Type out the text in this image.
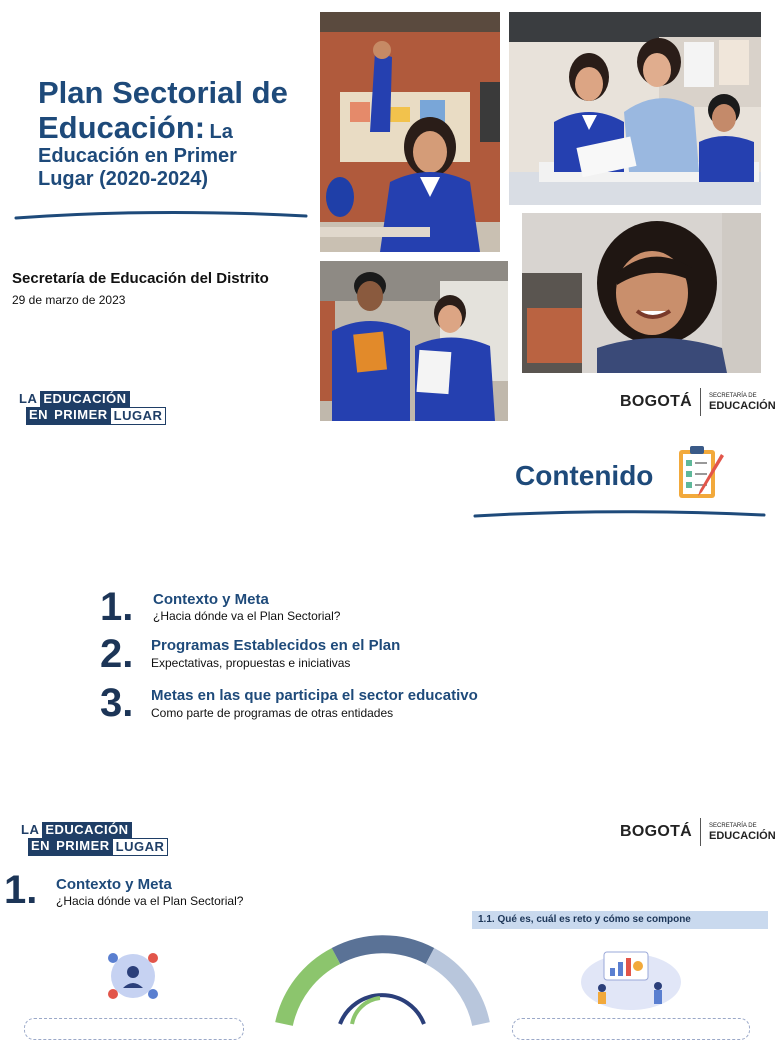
Plan Sectorial de
Educación: La
Educación en Primer
Lugar (2020-2024)
Secretaría de Educación del Distrito
29 de marzo de 2023
LA EDUCACIÓN
EN PRIMER LUGAR
BOGOTÁ	SECRETARÍA DE
EDUCACIÓN
Contenido
1. Contexto y Meta
¿Hacia dónde va el Plan Sectorial?
2. Programas Establecidos en el Plan
Expectativas, propuestas e iniciativas
3. Metas en las que participa el sector educativo
Como parte de programas de otras entidades
LA EDUCACIÓN
EN PRIMER LUGAR
BOGOTÁ	SECRETARÍA DE
EDUCACIÓN
1. Contexto y Meta
¿Hacia dónde va el Plan Sectorial?
1.1. Qué es, cuál es reto y cómo se compone
